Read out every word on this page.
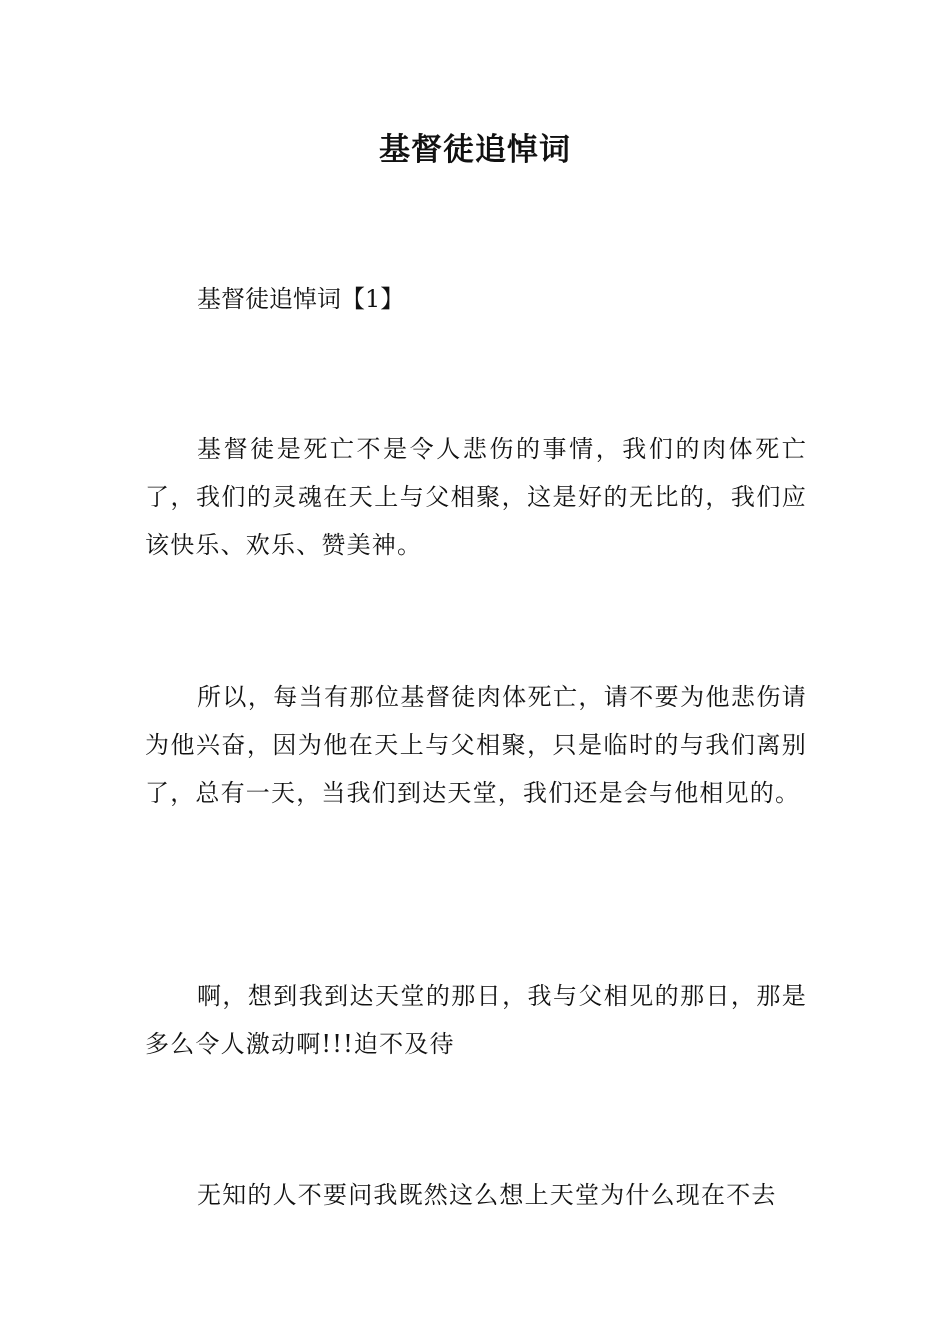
基督徒追悼词

基督徒追悼词【1】

基督徒是死亡不是令人悲伤的事情，我们的肉体死亡了，我们的灵魂在天上与父相聚，这是好的无比的，我们应该快乐、欢乐、赞美神。

所以，每当有那位基督徒肉体死亡，请不要为他悲伤请为他兴奋，因为他在天上与父相聚，只是临时的与我们离别了，总有一天，当我们到达天堂，我们还是会与他相见的。

啊，想到我到达天堂的那日，我与父相见的那日，那是多么令人激动啊!!!迫不及待

无知的人不要问我既然这么想上天堂为什么现在不去
